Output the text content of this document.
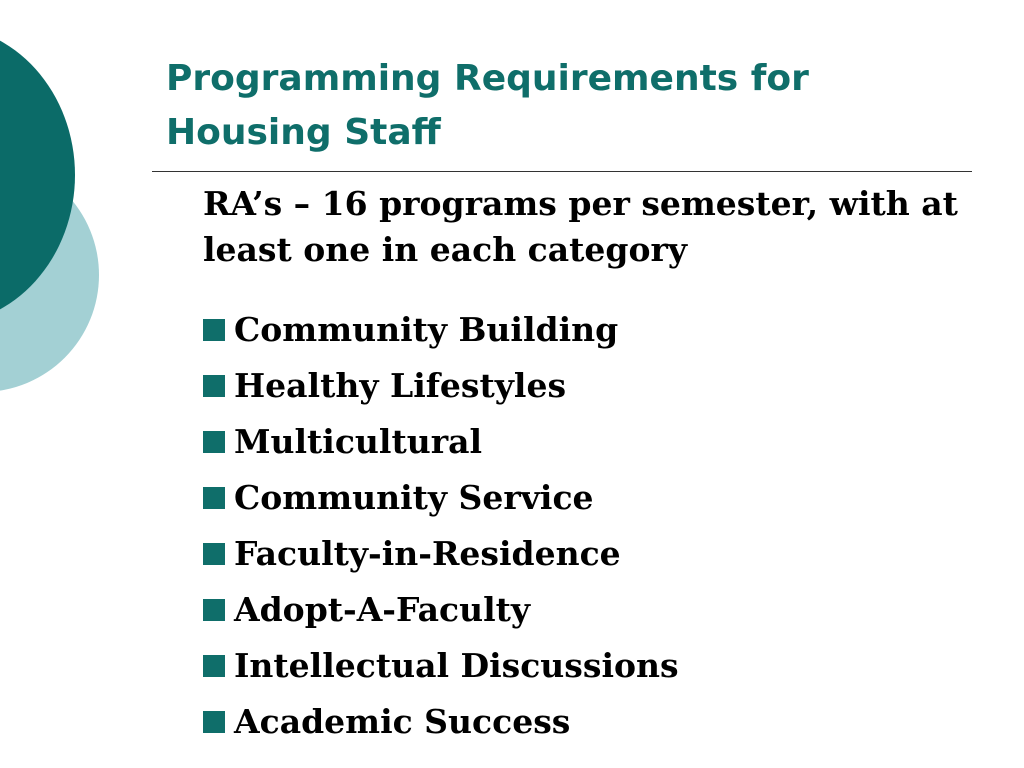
Programming Requirements for Housing Staff

RA’s – 16 programs per semester, with at least one in each category

Community Building
Healthy Lifestyles
Multicultural
Community Service
Faculty-in-Residence
Adopt-A-Faculty
Intellectual Discussions
Academic Success
